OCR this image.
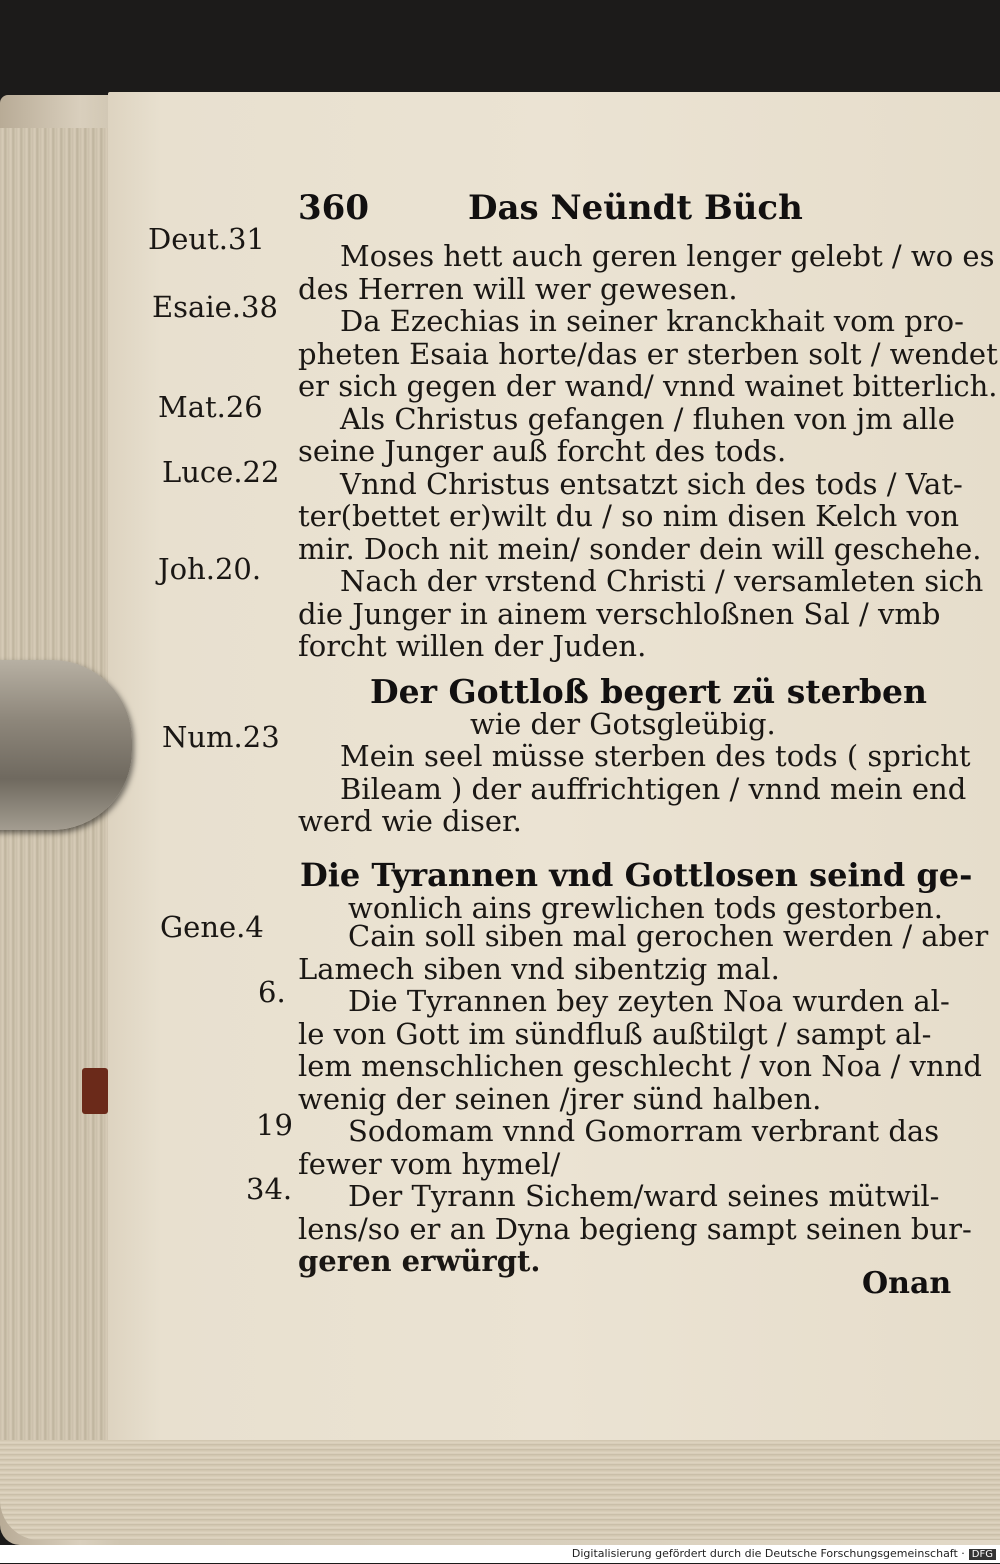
360	Das Neündt Büch
Deut.31
Esaie.38
Mat.26
Luce.22
Joh.20.
Num.23
Gene.4
6.
19
34.
Moses hett auch geren lenger gelebt / wo es
des Herren will wer gewesen.
Da Ezechias in seiner kranckhait vom pro-
pheten Esaia horte/das er sterben solt / wendet
er sich gegen der wand/ vnnd wainet bitterlich.
Als Christus gefangen / fluhen von jm alle
seine Junger auß forcht des tods.
Vnnd Christus entsatzt sich des tods / Vat-
ter(bettet er)wilt du / so nim disen Kelch von
mir. Doch nit mein/ sonder dein will geschehe.
Nach der vrstend Christi / versamleten sich
die Junger in ainem verschloßnen Sal / vmb
forcht willen der Juden.
Der Gottloß begert zü sterben
wie der Gotsgleübig.
Mein seel müsse sterben des tods ( spricht
Bileam ) der auffrichtigen / vnnd mein end
werd wie diser.
Die Tyrannen vnd Gottlosen seind ge-
wonlich ains grewlichen tods gestorben.
Cain soll siben mal gerochen werden / aber
Lamech siben vnd sibentzig mal.
Die Tyrannen bey zeyten Noa wurden al-
le von Gott im sündfluß außtilgt / sampt al-
lem menschlichen geschlecht / von Noa / vnnd
wenig der seinen /jrer sünd halben.
Sodomam vnnd Gomorram verbrant das
fewer vom hymel/
Der Tyrann Sichem/ward seines mütwil-
lens/so er an Dyna begieng sampt seinen bur-
geren erwürgt.
Onan
Digitalisierung gefördert durch die Deutsche Forschungsgemeinschaft · DFG
